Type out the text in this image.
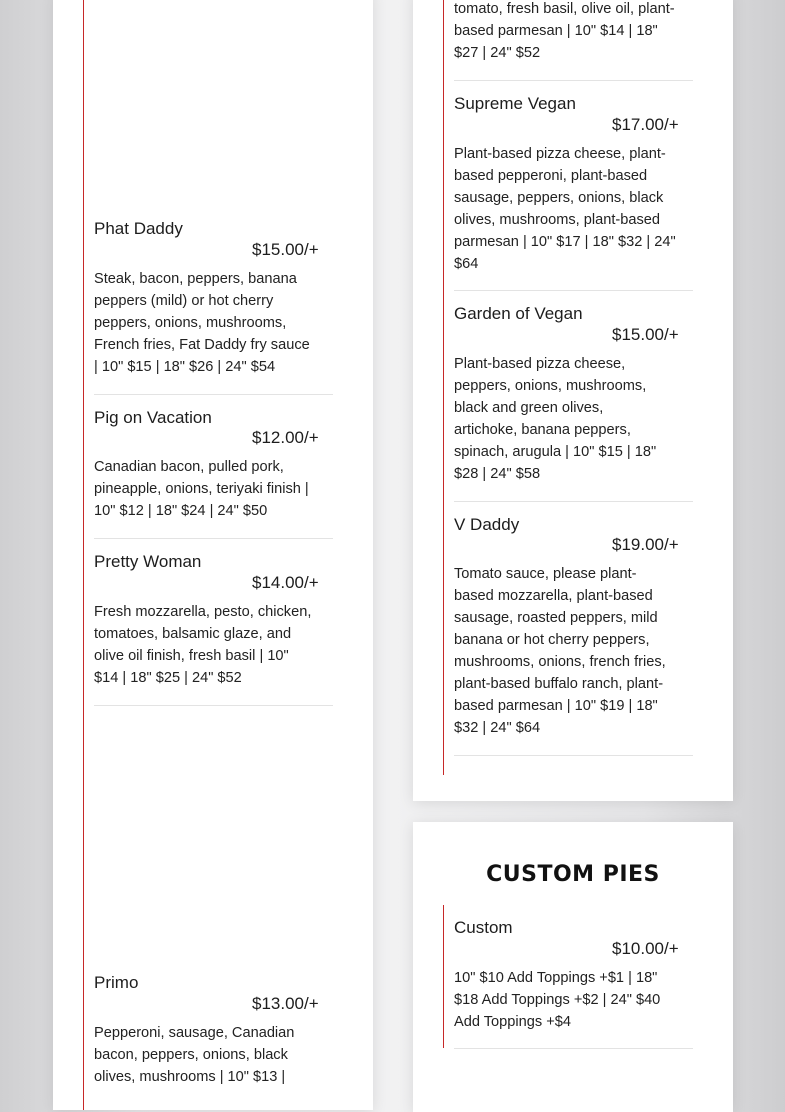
Phat Daddy
$15.00/+
Steak, bacon, peppers, banana peppers (mild) or hot cherry peppers, onions, mushrooms, French fries, Fat Daddy fry sauce | 10" $15 | 18" $26 | 24" $54
Pig on Vacation
$12.00/+
Canadian bacon, pulled pork, pineapple, onions, teriyaki finish | 10" $12 | 18" $24 | 24" $50
Pretty Woman
$14.00/+
Fresh mozzarella, pesto, chicken, tomatoes, balsamic glaze, and olive oil finish, fresh basil | 10" $14 | 18" $25 | 24" $52
Primo
$13.00/+
Pepperoni, sausage, Canadian bacon, peppers, onions, black olives, mushrooms | 10" $13 |
tomato, fresh basil, olive oil, plant-based parmesan | 10" $14 | 18" $27 | 24" $52
Supreme Vegan
$17.00/+
Plant-based pizza cheese, plant-based pepperoni, plant-based sausage, peppers, onions, black olives, mushrooms, plant-based parmesan | 10" $17 | 18" $32 | 24" $64
Garden of Vegan
$15.00/+
Plant-based pizza cheese, peppers, onions, mushrooms, black and green olives, artichoke, banana peppers, spinach, arugula | 10" $15 | 18" $28 | 24" $58
V Daddy
$19.00/+
Tomato sauce, please plant-based mozzarella, plant-based sausage, roasted peppers, mild banana or hot cherry peppers, mushrooms, onions, french fries, plant-based buffalo ranch, plant-based parmesan | 10" $19 | 18" $32 | 24" $64
CUSTOM PIES
Custom
$10.00/+
10" $10 Add Toppings +$1 | 18" $18 Add Toppings +$2 | 24" $40 Add Toppings +$4
